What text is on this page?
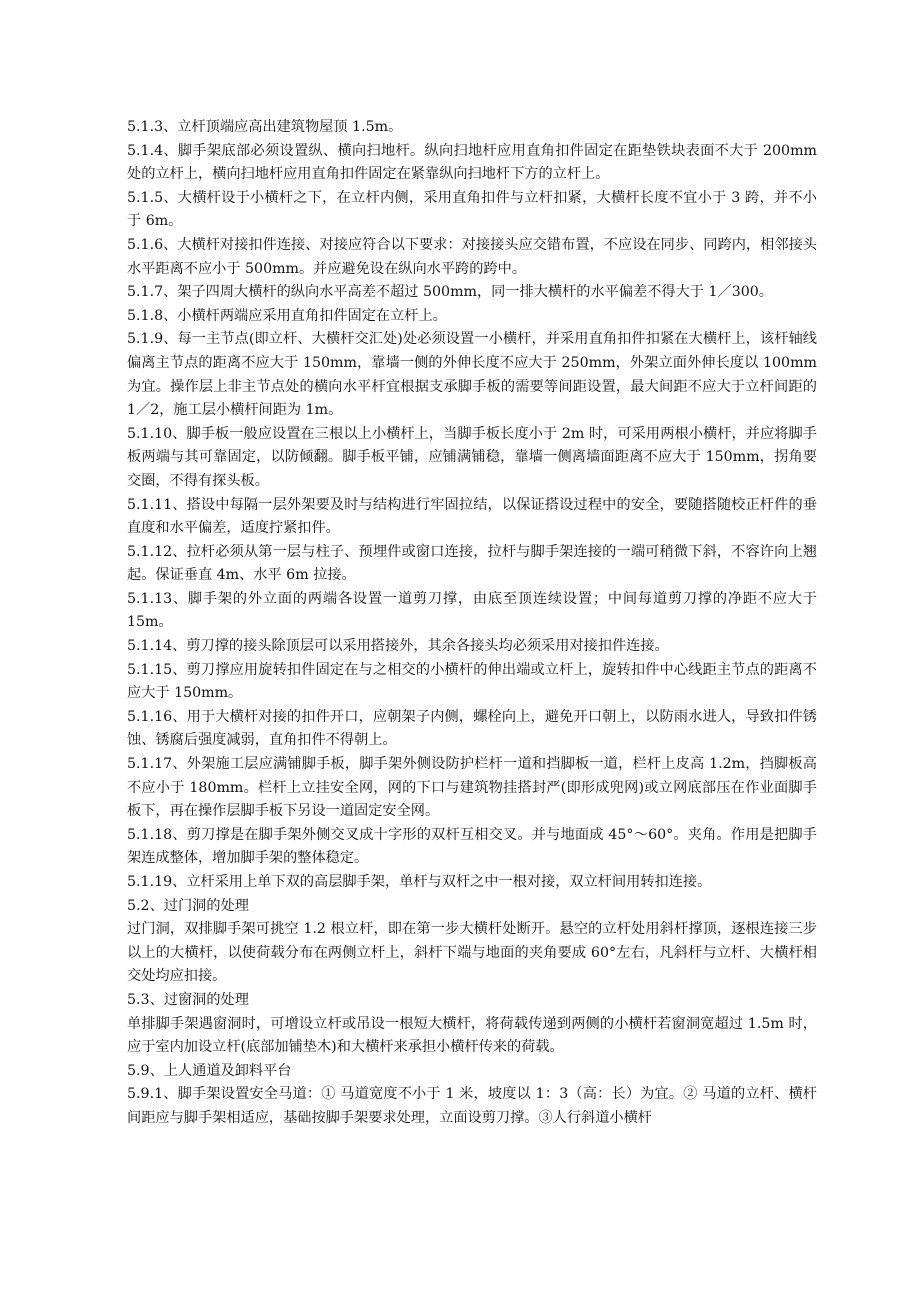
5.1.3、立杆顶端应高出建筑物屋顶 1.5m。

5.1.4、脚手架底部必须设置纵、横向扫地杆。纵向扫地杆应用直角扣件固定在距垫铁块表面不大于 200mm 处的立杆上，横向扫地杆应用直角扣件固定在紧靠纵向扫地杆下方的立杆上。

5.1.5、大横杆设于小横杆之下，在立杆内侧，采用直角扣件与立杆扣紧，大横杆长度不宜小于 3 跨，并不小于 6m。

5.1.6、大横杆对接扣件连接、对接应符合以下要求：对接接头应交错布置，不应设在同步、同跨内，相邻接头水平距离不应小于 500mm。并应避免设在纵向水平跨的跨中。

5.1.7、架子四周大横杆的纵向水平高差不超过 500mm，同一排大横杆的水平偏差不得大于 1／300。

5.1.8、小横杆两端应采用直角扣件固定在立杆上。

5.1.9、每一主节点(即立杆、大横杆交汇处)处必须设置一小横杆，并采用直角扣件扣紧在大横杆上，该杆轴线偏离主节点的距离不应大于 150mm，靠墙一侧的外伸长度不应大于 250mm，外架立面外伸长度以 100mm 为宜。操作层上非主节点处的横向水平杆宜根据支承脚手板的需要等间距设置，最大间距不应大于立杆间距的 1／2，施工层小横杆间距为 1m。

5.1.10、脚手板一般应设置在三根以上小横杆上，当脚手板长度小于 2m 时，可采用两根小横杆，并应将脚手板两端与其可靠固定，以防倾翻。脚手板平铺，应铺满铺稳，靠墙一侧离墙面距离不应大于 150mm，拐角要交圈，不得有探头板。

5.1.11、搭设中每隔一层外架要及时与结构进行牢固拉结，以保证搭设过程中的安全，要随搭随校正杆件的垂直度和水平偏差，适度拧紧扣件。

5.1.12、拉杆必须从第一层与柱子、预埋件或窗口连接，拉杆与脚手架连接的一端可稍微下斜，不容许向上翘起。保证垂直 4m、水平 6m 拉接。

5.1.13、脚手架的外立面的两端各设置一道剪刀撑，由底至顶连续设置；中间每道剪刀撑的净距不应大于 15m。

5.1.14、剪刀撑的接头除顶层可以采用搭接外，其余各接头均必须采用对接扣件连接。

5.1.15、剪刀撑应用旋转扣件固定在与之相交的小横杆的伸出端或立杆上，旋转扣件中心线距主节点的距离不应大于 150mm。

5.1.16、用于大横杆对接的扣件开口，应朝架子内侧，螺栓向上，避免开口朝上，以防雨水进人，导致扣件锈蚀、锈腐后强度减弱，直角扣件不得朝上。

5.1.17、外架施工层应满铺脚手板，脚手架外侧设防护栏杆一道和挡脚板一道，栏杆上皮高 1.2m，挡脚板高不应小于 180mm。栏杆上立挂安全网，网的下口与建筑物挂搭封严(即形成兜网)或立网底部压在作业面脚手板下，再在操作层脚手板下另设一道固定安全网。

5.1.18、剪刀撑是在脚手架外侧交叉成十字形的双杆互相交叉。并与地面成 45°～60°。夹角。作用是把脚手架连成整体，增加脚手架的整体稳定。

5.1.19、立杆采用上单下双的高层脚手架，单杆与双杆之中一根对接，双立杆间用转扣连接。

5.2、过门洞的处理

过门洞，双排脚手架可挑空 1.2 根立杆，即在第一步大横杆处断开。悬空的立杆处用斜杆撑顶，逐根连接三步以上的大横杆，以使荷载分布在两侧立杆上，斜杆下端与地面的夹角要成 60°左右，凡斜杆与立杆、大横杆相交处均应扣接。

5.3、过窗洞的处理

单排脚手架遇窗洞时，可增设立杆或吊设一根短大横杆，将荷载传递到两侧的小横杆若窗洞宽超过 1.5m 时，应于室内加设立杆(底部加铺垫木)和大横杆来承担小横杆传来的荷载。

5.9、上人通道及卸料平台

5.9.1、脚手架设置安全马道：① 马道宽度不小于 1 米，坡度以 1：3（高：长）为宜。② 马道的立杆、横杆间距应与脚手架相适应，基础按脚手架要求处理，立面设剪刀撑。③人行斜道小横杆
